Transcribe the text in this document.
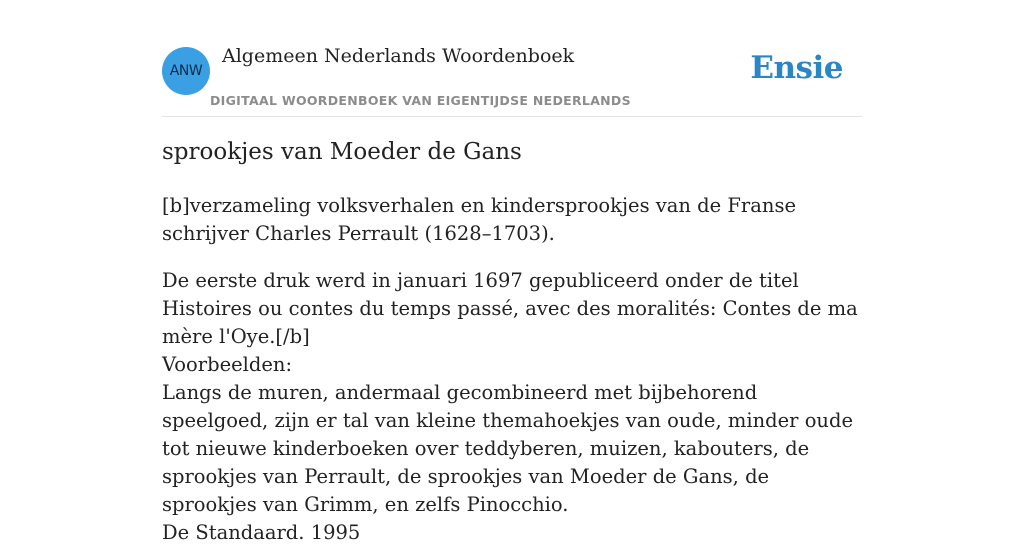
ANW
Algemeen Nederlands Woordenboek
DIGITAAL WOORDENBOEK VAN EIGENTIJDSE NEDERLANDS
Ensie
sprookjes van Moeder de Gans

[b]verzameling volksverhalen en kindersprookjes van de Franse schrijver Charles Perrault (1628–1703).

De eerste druk werd in januari 1697 gepubliceerd onder de titel Histoires ou contes du temps passé, avec des moralités: Contes de ma mère l'Oye.[/b]

Voorbeelden:
Langs de muren, andermaal gecombineerd met bijbehorend speelgoed, zijn er tal van kleine themahoekjes van oude, minder oude tot nieuwe kinderboeken over teddyberen, muizen, kabouters, de sprookjes van Perrault, de sprookjes van Moeder de Gans, de sprookjes van Grimm, en zelfs Pinocchio.
De Standaard. 1995
